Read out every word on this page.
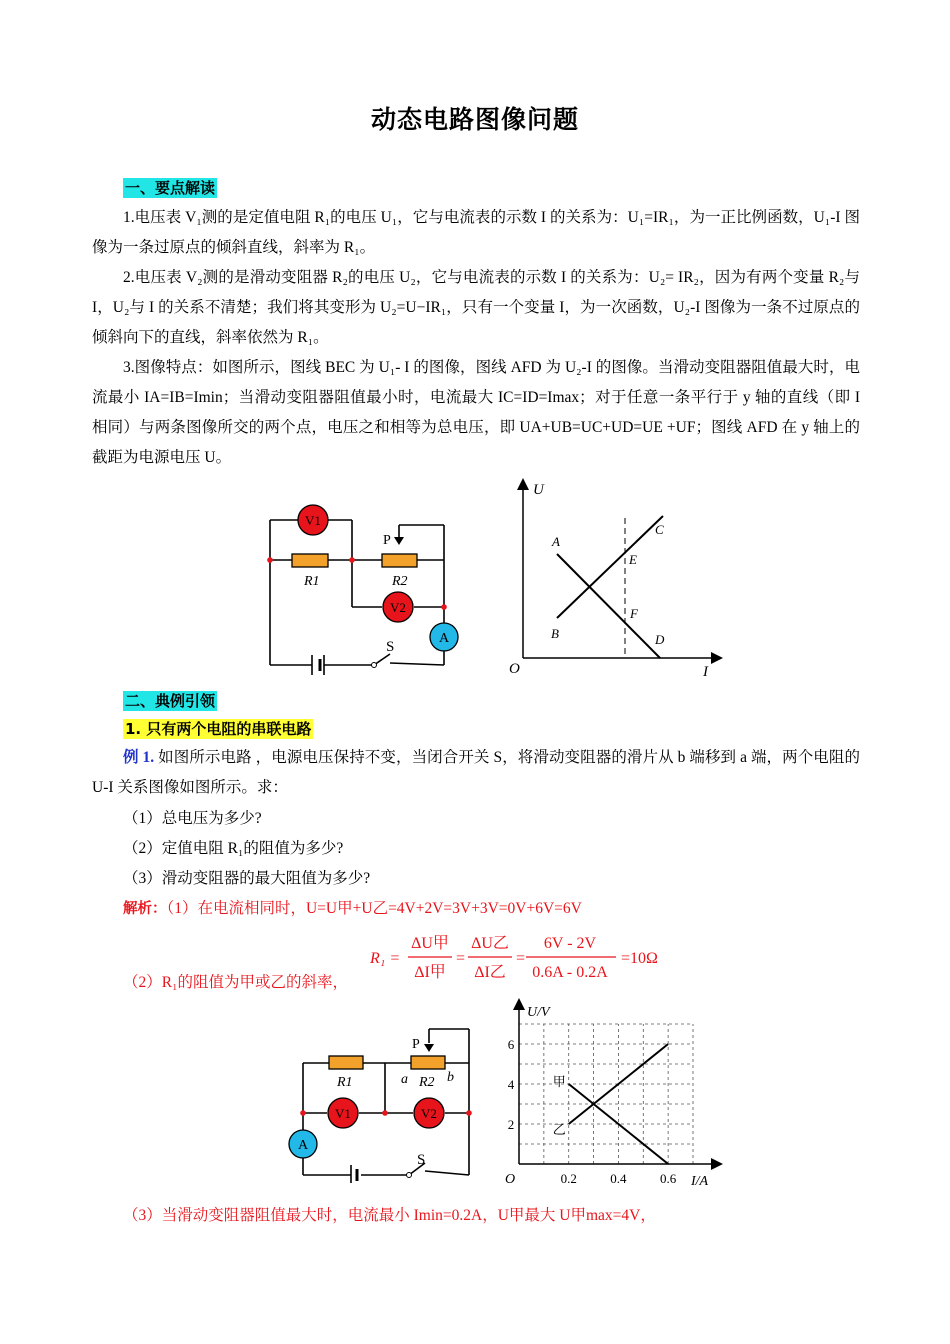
动态电路图像问题
一、要点解读
1.电压表 V₁测的是定值电阻 R₁的电压 U₁，它与电流表的示数 I 的关系为：U₁=IR₁，为一正比例函数，U₁-I 图像为一条过原点的倾斜直线，斜率为 R₁。
2.电压表 V₂测的是滑动变阻器 R₂的电压 U₂，它与电流表的示数 I 的关系为：U₂= IR₂，因为有两个变量 R₂与 I，U₂与 I 的关系不清楚；我们将其变形为 U₂=U−IR₁，只有一个变量 I，为一次函数，U₂-I 图像为一条不过原点的倾斜向下的直线，斜率依然为 R₁。
3.图像特点：如图所示，图线 BEC 为 U₁- I 的图像，图线 AFD 为 U₂-I 的图像。当滑动变阻器阻值最大时，电流最小 IA=IB=Imin；当滑动变阻器阻值最小时，电流最大 IC=ID=Imax；对于任意一条平行于 y 轴的直线（即 I 相同）与两条图像所交的两个点，电压之和相等为总电压，即 UA+UB=UC+UD=UE +UF；图线 AFD 在 y 轴上的截距为电源电压 U。
S
R1	R2
P
V1
V2
A
U
I
O
A
B
C
D
E
F
二、典例引领
1. 只有两个电阻的串联电路
例 1. 如图所示电路 ，电源电压保持不变，当闭合开关 S，将滑动变阻器的滑片从 b 端移到 a 端，两个电阻的 U-I 关系图像如图所示。求：
（1）总电压为多少?
（2）定值电阻 R₁的阻值为多少?
（3）滑动变阻器的最大阻值为多少?
解析：（1）在电流相同时，U=U甲+U乙=4V+2V=3V+3V=0V+6V=6V
（2）R₁的阻值为甲或乙的斜率，
R₁ =
ΔU甲
ΔI甲
=
ΔU乙
ΔI乙
=
6V - 2V
0.6A - 0.2A
=10Ω
S
R1	R2
a	b
P
V1	V2
A
U/V
I/A
O	0.2	0.4	0.6
2
4
6
甲
乙
（3）当滑动变阻器阻值最大时，电流最小 Imin=0.2A，U甲最大 U甲max=4V，
